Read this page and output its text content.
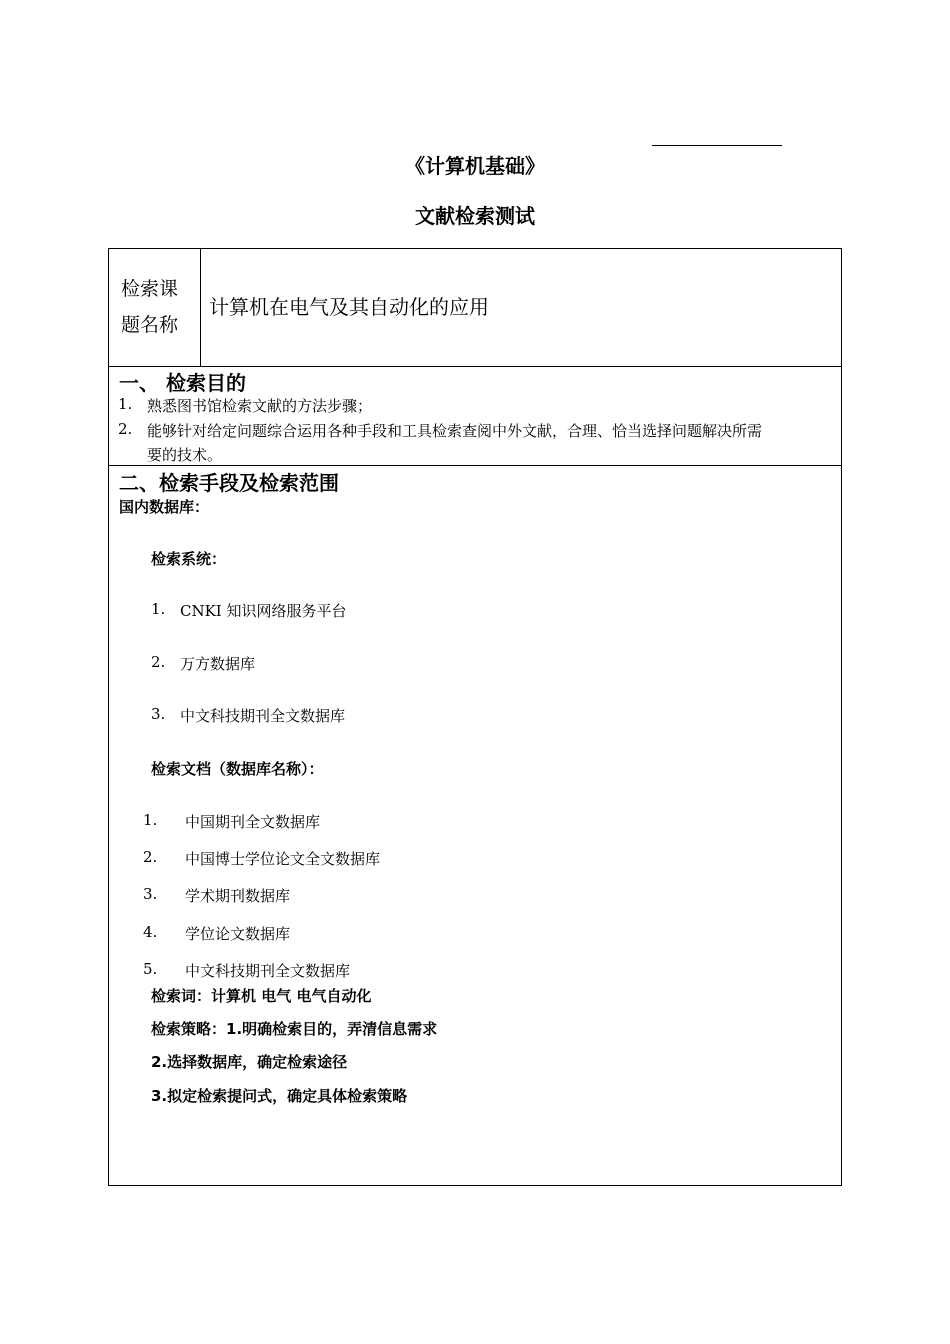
《计算机基础》
文献检索测试
检索课
题名称
计算机在电气及其自动化的应用
一、 检索目的
1. 熟悉图书馆检索文献的方法步骤；
2. 能够针对给定问题综合运用各种手段和工具检索查阅中外文献，合理、恰当选择问题解决所需
要的技术。
二、检索手段及检索范围
国内数据库：
检索系统：
1. CNKI 知识网络服务平台
2. 万方数据库
3. 中文科技期刊全文数据库
检索文档（数据库名称）：
1. 中国期刊全文数据库
2. 中国博士学位论文全文数据库
3. 学术期刊数据库
4. 学位论文数据库
5. 中文科技期刊全文数据库
检索词：计算机 电气 电气自动化
检索策略：1.明确检索目的，弄清信息需求
2.选择数据库，确定检索途径
3.拟定检索提问式，确定具体检索策略
